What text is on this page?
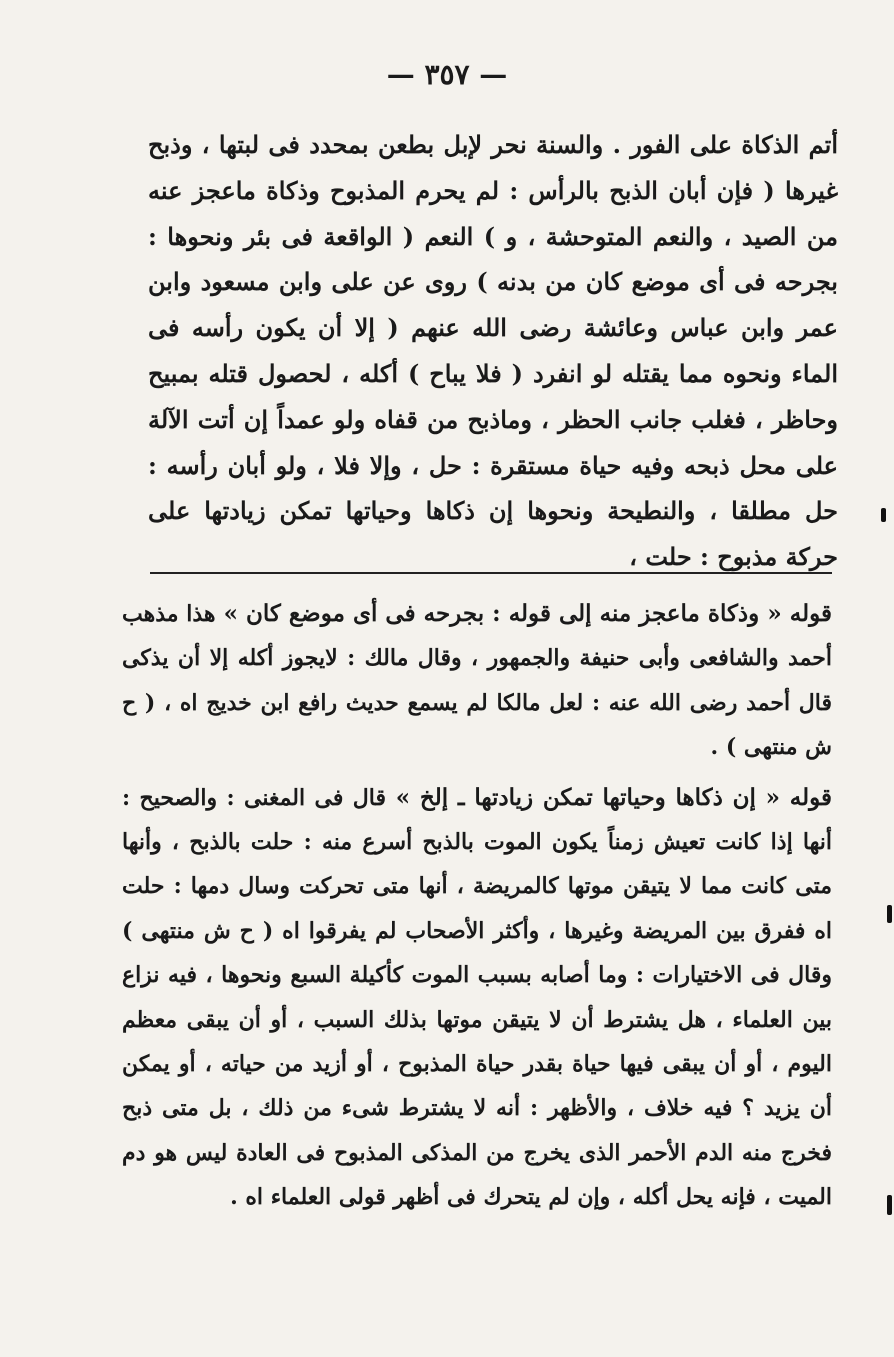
— ٣٥٧ —

أتم الذكاة على الفور . والسنة نحر لإبل بطعن بمحدد فى لبتها ، وذبح غيرها ( فإن أبان الذبح بالرأس : لم يحرم المذبوح وذكاة ماعجز عنه من الصيد ، والنعم المتوحشة ، و ) النعم ( الواقعة فى بئر ونحوها : بجرحه فى أى موضع كان من بدنه ) روى عن على وابن مسعود وابن عمر وابن عباس وعائشة رضى الله عنهم ( إلا أن يكون رأسه فى الماء ونحوه مما يقتله لو انفرد ( فلا يباح ) أكله ، لحصول قتله بمبيح وحاظر ، فغلب جانب الحظر ، وماذبح من قفاه ولو عمداً إن أتت الآلة على محل ذبحه وفيه حياة مستقرة : حل ، وإلا فلا ، ولو أبان رأسه : حل مطلقا ، والنطيحة ونحوها إن ذكاها وحياتها تمكن زيادتها على حركة مذبوح : حلت ،

قوله « وذكاة ماعجز منه إلى قوله : بجرحه فى أى موضع كان » هذا مذهب أحمد والشافعى وأبى حنيفة والجمهور ، وقال مالك : لايجوز أكله إلا أن يذكى قال أحمد رضى الله عنه : لعل مالكا لم يسمع حديث رافع ابن خديج اه ، ( ح ش منتهى ) .

قوله « إن ذكاها وحياتها تمكن زيادتها ـ إلخ » قال فى المغنى : والصحيح : أنها إذا كانت تعيش زمناً يكون الموت بالذبح أسرع منه : حلت بالذبح ، وأنها متى كانت مما لا يتيقن موتها كالمريضة ، أنها متى تحركت وسال دمها : حلت اه ففرق بين المريضة وغيرها ، وأكثر الأصحاب لم يفرقوا اه ( ح ش منتهى ) وقال فى الاختيارات : وما أصابه بسبب الموت كأكيلة السبع ونحوها ، فيه نزاع بين العلماء ، هل يشترط أن لا يتيقن موتها بذلك السبب ، أو أن يبقى معظم اليوم ، أو أن يبقى فيها حياة بقدر حياة المذبوح ، أو أزيد من حياته ، أو يمكن أن يزيد ؟ فيه خلاف ، والأظهر : أنه لا يشترط شىء من ذلك ، بل متى ذبح فخرج منه الدم الأحمر الذى يخرج من المذكى المذبوح فى العادة ليس هو دم الميت ، فإنه يحل أكله ، وإن لم يتحرك فى أظهر قولى العلماء اه .
